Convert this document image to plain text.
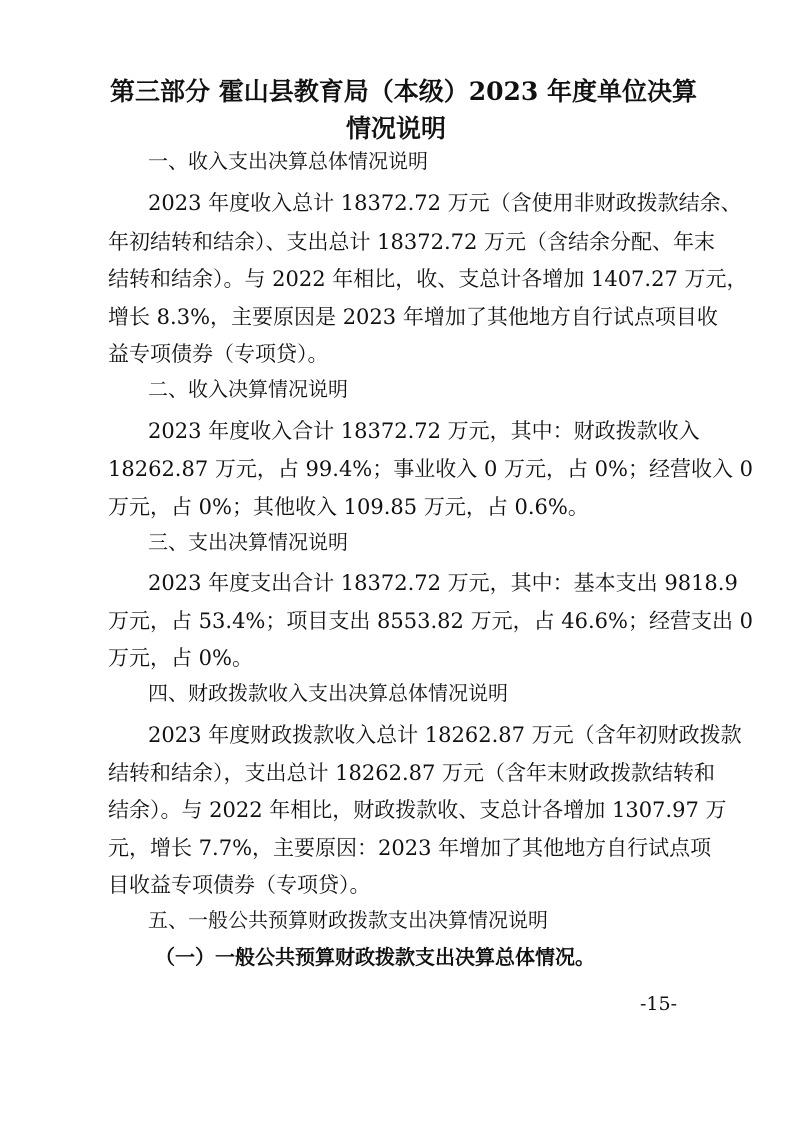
第三部分 霍山县教育局（本级）2023 年度单位决算
情况说明
一、收入支出决算总体情况说明
2023 年度收入总计 18372.72 万元（含使用非财政拨款结余、
年初结转和结余）、支出总计 18372.72 万元（含结余分配、年末
结转和结余）。与 2022 年相比，收、支总计各增加 1407.27 万元，
增长 8.3%，主要原因是 2023 年增加了其他地方自行试点项目收
益专项债券（专项贷）。
二、收入决算情况说明
2023 年度收入合计 18372.72 万元，其中：财政拨款收入
18262.87 万元，占 99.4%；事业收入 0 万元，占 0%；经营收入 0
万元，占 0%；其他收入 109.85 万元，占 0.6%。
三、支出决算情况说明
2023 年度支出合计 18372.72 万元，其中：基本支出 9818.9
万元，占 53.4%；项目支出 8553.82 万元，占 46.6%；经营支出 0
万元，占 0%。
四、财政拨款收入支出决算总体情况说明
2023 年度财政拨款收入总计 18262.87 万元（含年初财政拨款
结转和结余），支出总计 18262.87 万元（含年末财政拨款结转和
结余）。与 2022 年相比，财政拨款收、支总计各增加 1307.97 万
元，增长 7.7%，主要原因：2023 年增加了其他地方自行试点项
目收益专项债券（专项贷）。
五、一般公共预算财政拨款支出决算情况说明
（一）一般公共预算财政拨款支出决算总体情况。
-15-
